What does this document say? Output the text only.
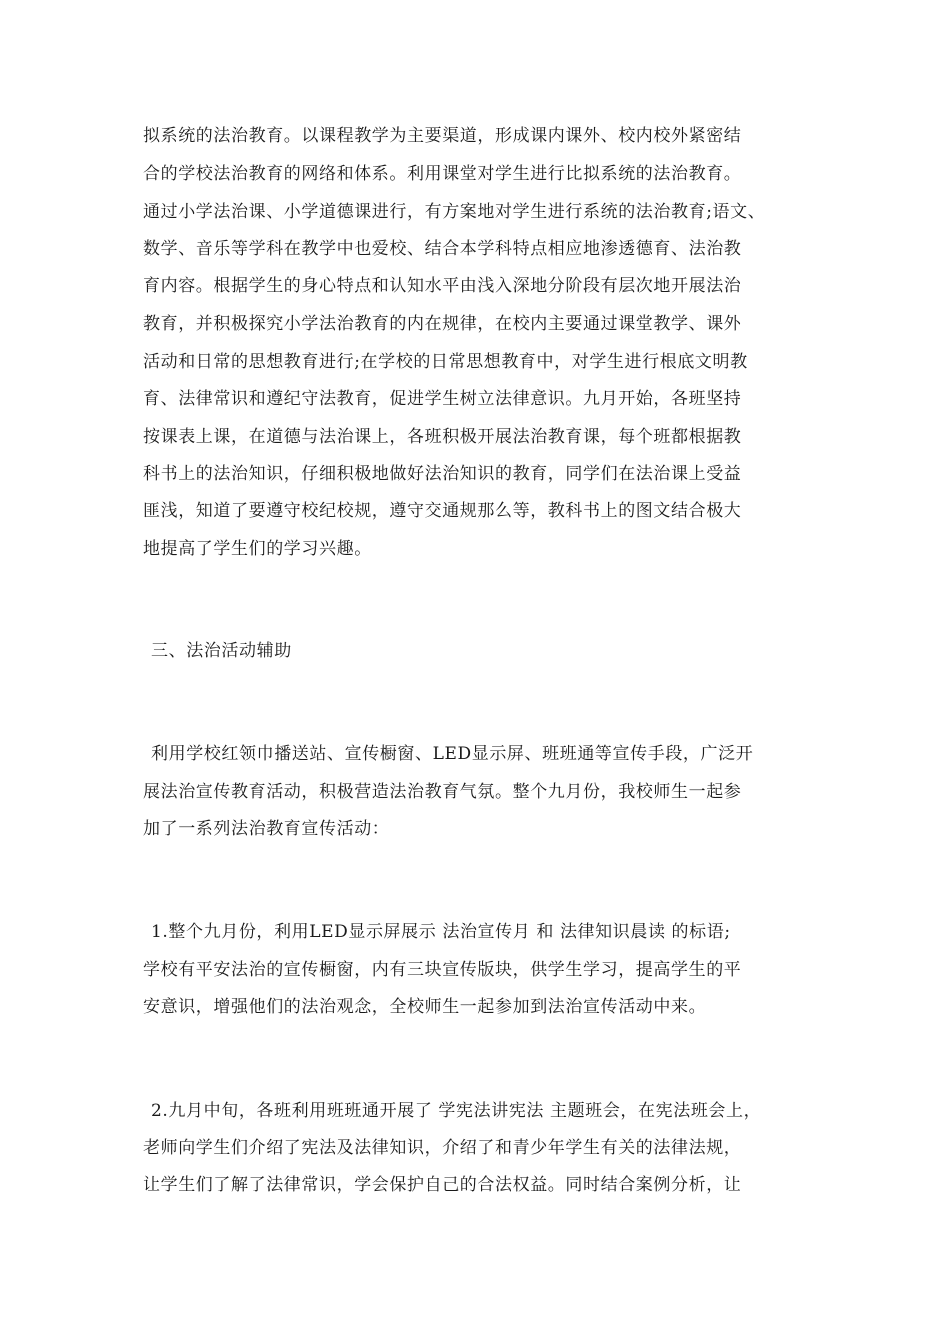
拟系统的法治教育。以课程教学为主要渠道，形成课内课外、校内校外紧密结
合的学校法治教育的网络和体系。利用课堂对学生进行比拟系统的法治教育。
通过小学法治课、小学道德课进行，有方案地对学生进行系统的法治教育;语文、
数学、音乐等学科在教学中也爱校、结合本学科特点相应地渗透德育、法治教
育内容。根据学生的身心特点和认知水平由浅入深地分阶段有层次地开展法治
教育，并积极探究小学法治教育的内在规律，在校内主要通过课堂教学、课外
活动和日常的思想教育进行;在学校的日常思想教育中，对学生进行根底文明教
育、法律常识和遵纪守法教育，促进学生树立法律意识。九月开始，各班坚持
按课表上课，在道德与法治课上，各班积极开展法治教育课，每个班都根据教
科书上的法治知识，仔细积极地做好法治知识的教育，同学们在法治课上受益
匪浅，知道了要遵守校纪校规，遵守交通规那么等，教科书上的图文结合极大
地提高了学生们的学习兴趣。
三、法治活动辅助
利用学校红领巾播送站、宣传橱窗、LED显示屏、班班通等宣传手段，广泛开
展法治宣传教育活动，积极营造法治教育气氛。整个九月份，我校师生一起参
加了一系列法治教育宣传活动：
1.整个九月份，利用LED显示屏展示 法治宣传月 和 法律知识晨读 的标语;
学校有平安法治的宣传橱窗，内有三块宣传版块，供学生学习，提高学生的平
安意识，增强他们的法治观念，全校师生一起参加到法治宣传活动中来。
2.九月中旬，各班利用班班通开展了 学宪法讲宪法 主题班会，在宪法班会上，
老师向学生们介绍了宪法及法律知识，介绍了和青少年学生有关的法律法规，
让学生们了解了法律常识，学会保护自己的合法权益。同时结合案例分析，让
